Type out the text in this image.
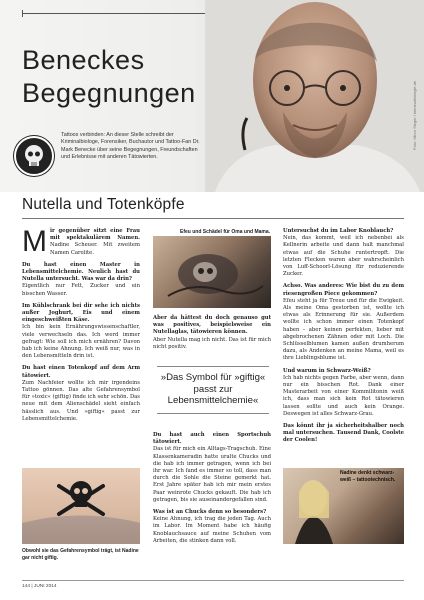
Beneckes
Begegnungen	Foto: Mirco Sieger / kriminalbiologie.de
Tattoos verbinden: An dieser Stelle schreibt der Kriminalbiologe, Forensiker, Buchautor und Tattoo-Fan Dr. Mark Benecke über seine Begegnungen, Freundschaften und Erlebnisse mit anderen Tätowierten.
Nutella und Totenköpfe

M ir gegenüber sitzt eine Frau mit spektakulärem Namen. Nadine Scheuer. Mit zweitem Namen Carolite.

Du hast einen Master in Lebensmittelchemie. Neulich hast du Nutella untersucht. Was war da drin?
Eigentlich nur Fett, Zucker und ein bisschen Wasser.

Im Kühlschrank bei dir sehe ich nichts außer Joghurt, Eis und einem eingeschweißten Käse.
Ich bin kein Ernährungswissenschaftler, viele verwechseln das. Ich werd immer gefragt: Wie soll ich mich ernähren? Davon hab ich keine Ahnung. Ich weiß nur, was in den Lebensmitteln drin ist.

Du hast einen Totenkopf auf dem Arm tätowiert.
Zum Nachfeier wollte ich mir irgendeins Tattoo gönnen. Das alte Gefahrensymbol für »toxic« (giftig) finde ich sehr schön. Das neue mit dem Alienschädel sieht einfach hässlich aus. Und »giftig« passt zur Lebensmittelchemie.

Obwohl sie das Gefahrensymbol trägt, ist Nadine gar nicht giftig.
Efeu und Schädel für Oma und Mama.

Aber da hättest du doch genauso gut was positives, beispielsweise ein Nutellaglas, tätowieren können.
Aber Nutella mag ich nicht. Das ist für mich nicht positiv.

»Das Symbol für »giftig« passt zur Lebensmittelchemie«

Du hast auch einen Sportschuh tätowiert.
Das ist für mich ein Alltags-Tragschuh. Eine Klassenkameradin hatte uralte Chucks und die hab ich immer getragen, wenn ich bei ihr war. Ich fand es immer so toll, dass man durch die Sohle die Steine gemerkt hat. Erst Jahre später hab ich mir mein erstes Paar weinrote Chucks gekauft. Die hab ich getragen, bis sie auseinandergefallen sind.

Was ist an Chucks denn so besonders?
Keine Ahnung, ich trag die jeden Tag. Auch im Labor. Im Moment habe ich häufig Knoblauchsauce auf meine Schuhen vom Arbeiten, die stinken dann voll.

Untersuchst du im Labor Knoblauch?
Nein, das kommt, weil ich nebenbei als Kellnerin arbeite und dann halt manchmal etwas auf die Schuhe runtertropft. Die letzten Flecken waren aber wahrscheinlich von Luff-Schoorl-Lösung für reduzierende Zucker.

Achso. Was anderes: Wie bist du zu dem riesengroßen Piece gekommen?
Efeu steht ja für Treue und für die Ewigkeit. Als meine Oma gestorben ist, wollte ich etwas als Erinnerung für sie. Außerdem wollte ich schon immer einen Totenkopf haben – aber keinen perfekten, lieber mit abgebrochenen Zähnen oder mit Loch. Die Schlüsselblumen kamen außen drumherum dazu, als Andenken an meine Mama, weil es ihre Lieblingsblume ist.

Und warum in Schwarz-Weiß?
Ich hab nichts gegen Farbe, aber wenn, dann nur ein bisschen Rot. Dank einer Masterarbeit von einer Kommilitonin weiß ich, dass man sich kein Rot tätowieren lassen sollte und auch kein Orange. Deswegen ist alles Schwarz-Grau.

Das könnt ihr ja sicherheitshalber noch mal untersuchen. Tausend Dank, Coolste der Coolen!

Nadine denkt schwarz-weiß – tattootechnisch.
144 | JUNI 2014
